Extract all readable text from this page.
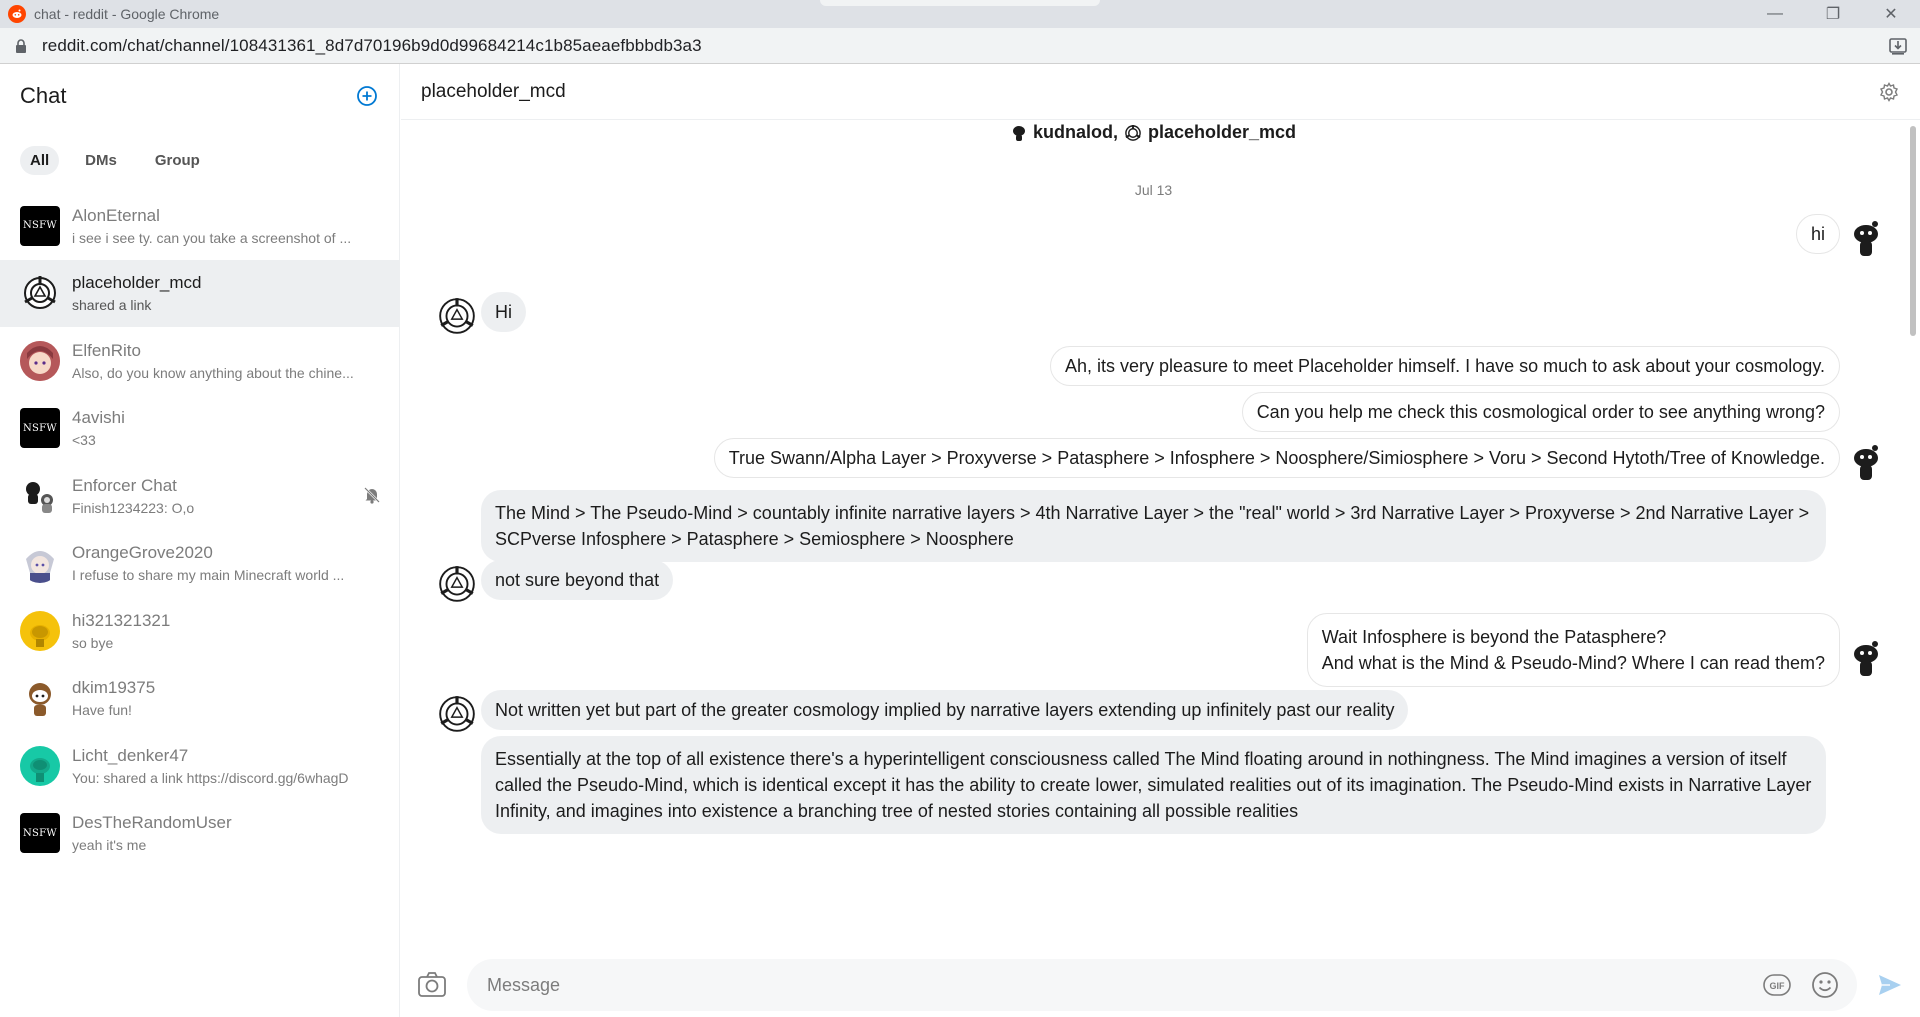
chat - reddit - Google Chrome	—	❐	✕
reddit.com/chat/channel/108431361_8d7d70196b9d0d99684214c1b85aeaefbbbdb3a3
Chat
All	DMs	Group
NSFW
AlonEternal
i see i see ty. can you take a screenshot of ...
placeholder_mcd
shared a link
ElfenRito
Also, do you know anything about the chine...
NSFW
4avishi
<33
Enforcer Chat
Finish1234223: O,o
OrangeGrove2020
I refuse to share my main Minecraft world ...
hi321321321
so bye
dkim19375
Have fun!
Licht_denker47
You: shared a link https://discord.gg/6whagD
NSFW
DesTheRandomUser
yeah it's me
placeholder_mcd
kudnalod, placeholder_mcd
Jul 13
hi
Hi
Ah, its very pleasure to meet Placeholder himself. I have so much to ask about your cosmology.
Can you help me check this cosmological order to see anything wrong?
True Swann/Alpha Layer > Proxyverse > Patasphere > Infosphere > Noosphere/Simiosphere > Voru > Second Hytoth/Tree of Knowledge.
The Mind > The Pseudo-Mind > countably infinite narrative layers > 4th Narrative Layer > the "real" world > 3rd Narrative Layer > Proxyverse > 2nd Narrative Layer > SCPverse Infosphere > Patasphere > Semiosphere > Noosphere
not sure beyond that
Wait Infosphere is beyond the Patasphere?
And what is the Mind & Pseudo-Mind? Where I can read them?
Not written yet but part of the greater cosmology implied by narrative layers extending up infinitely past our reality
Essentially at the top of all existence there's a hyperintelligent consciousness called The Mind floating around in nothingness. The Mind imagines a version of itself called the Pseudo-Mind, which is identical except it has the ability to create lower, simulated realities out of its imagination. The Pseudo-Mind exists in Narrative Layer Infinity, and imagines into existence a branching tree of nested stories containing all possible realities
Message
GIF
